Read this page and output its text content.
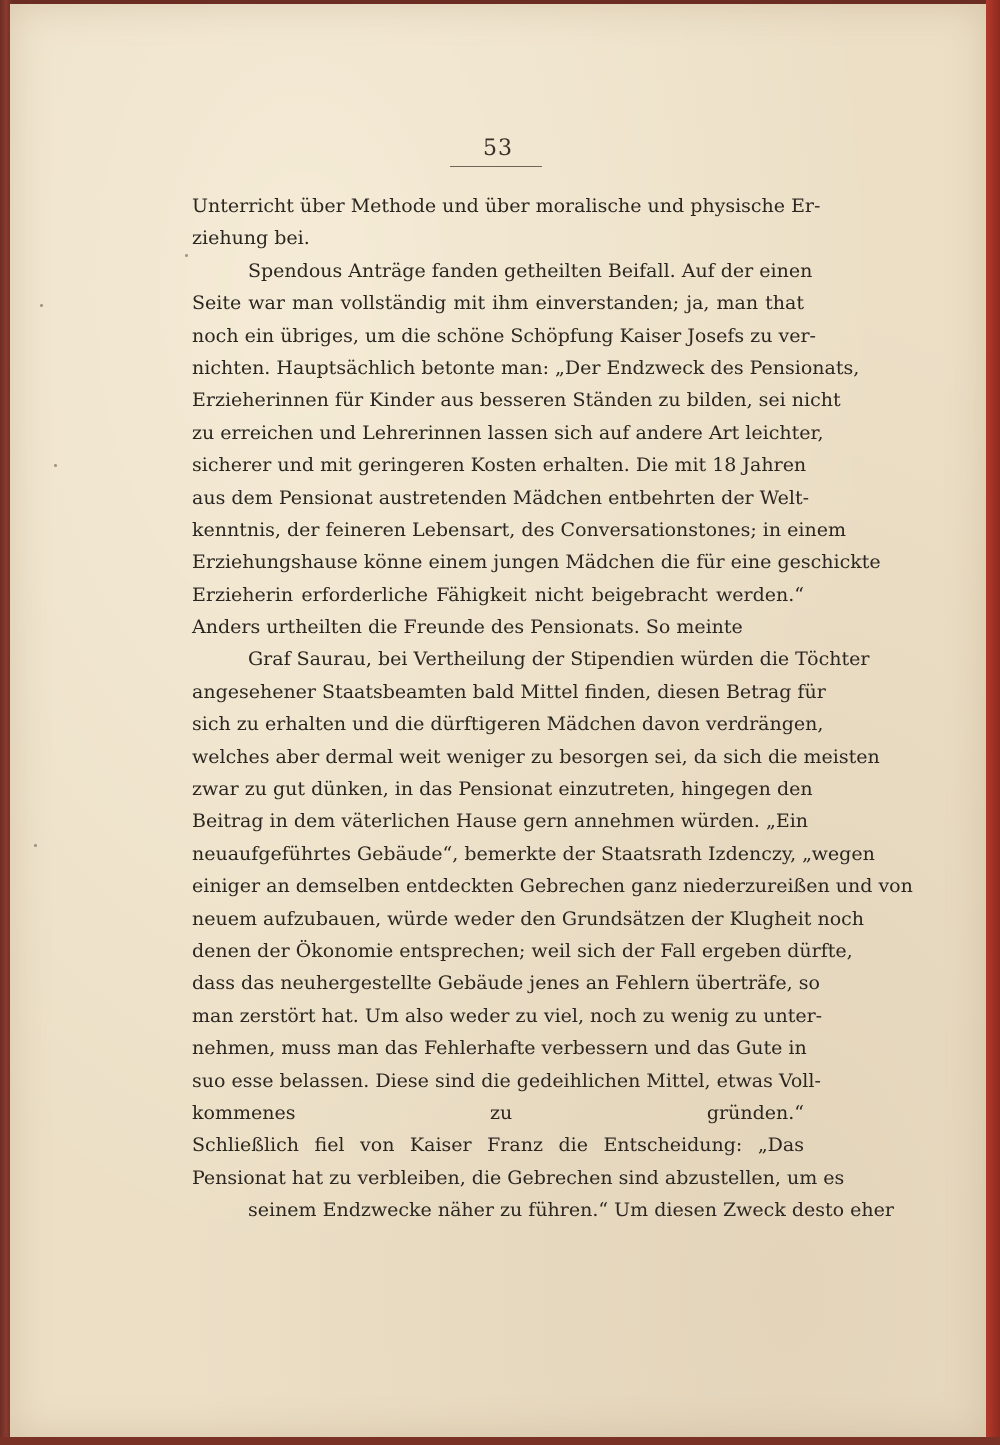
53
Unterricht über Methode und über moralische und physische Er-
ziehung bei.
Spendous Anträge fanden getheilten Beifall. Auf der einen
Seite war man vollständig mit ihm einverstanden; ja, man that
noch ein übriges, um die schöne Schöpfung Kaiser Josefs zu ver-
nichten. Hauptsächlich betonte man: „Der Endzweck des Pensionats,
Erzieherinnen für Kinder aus besseren Ständen zu bilden, sei nicht
zu erreichen und Lehrerinnen lassen sich auf andere Art leichter,
sicherer und mit geringeren Kosten erhalten. Die mit 18 Jahren
aus dem Pensionat austretenden Mädchen entbehrten der Welt-
kenntnis, der feineren Lebensart, des Conversationstones; in einem
Erziehungshause könne einem jungen Mädchen die für eine geschickte
Erzieherin erforderliche Fähigkeit nicht beigebracht werden.“
Anders urtheilten die Freunde des Pensionats. So meinte
Graf Saurau, bei Vertheilung der Stipendien würden die Töchter
angesehener Staatsbeamten bald Mittel finden, diesen Betrag für
sich zu erhalten und die dürftigeren Mädchen davon verdrängen,
welches aber dermal weit weniger zu besorgen sei, da sich die meisten
zwar zu gut dünken, in das Pensionat einzutreten, hingegen den
Beitrag in dem väterlichen Hause gern annehmen würden. „Ein
neuaufgeführtes Gebäude“, bemerkte der Staatsrath Izdenczy, „wegen
einiger an demselben entdeckten Gebrechen ganz niederzureißen und von
neuem aufzubauen, würde weder den Grundsätzen der Klugheit noch
denen der Ökonomie entsprechen; weil sich der Fall ergeben dürfte,
dass das neuhergestellte Gebäude jenes an Fehlern überträfe, so
man zerstört hat. Um also weder zu viel, noch zu wenig zu unter-
nehmen, muss man das Fehlerhafte verbessern und das Gute in
suo esse belassen. Diese sind die gedeihlichen Mittel, etwas Voll-
kommenes zu gründen.“
Schließlich fiel von Kaiser Franz die Entscheidung: „Das
Pensionat hat zu verbleiben, die Gebrechen sind abzustellen, um es
seinem Endzwecke näher zu führen.“ Um diesen Zweck desto eher
